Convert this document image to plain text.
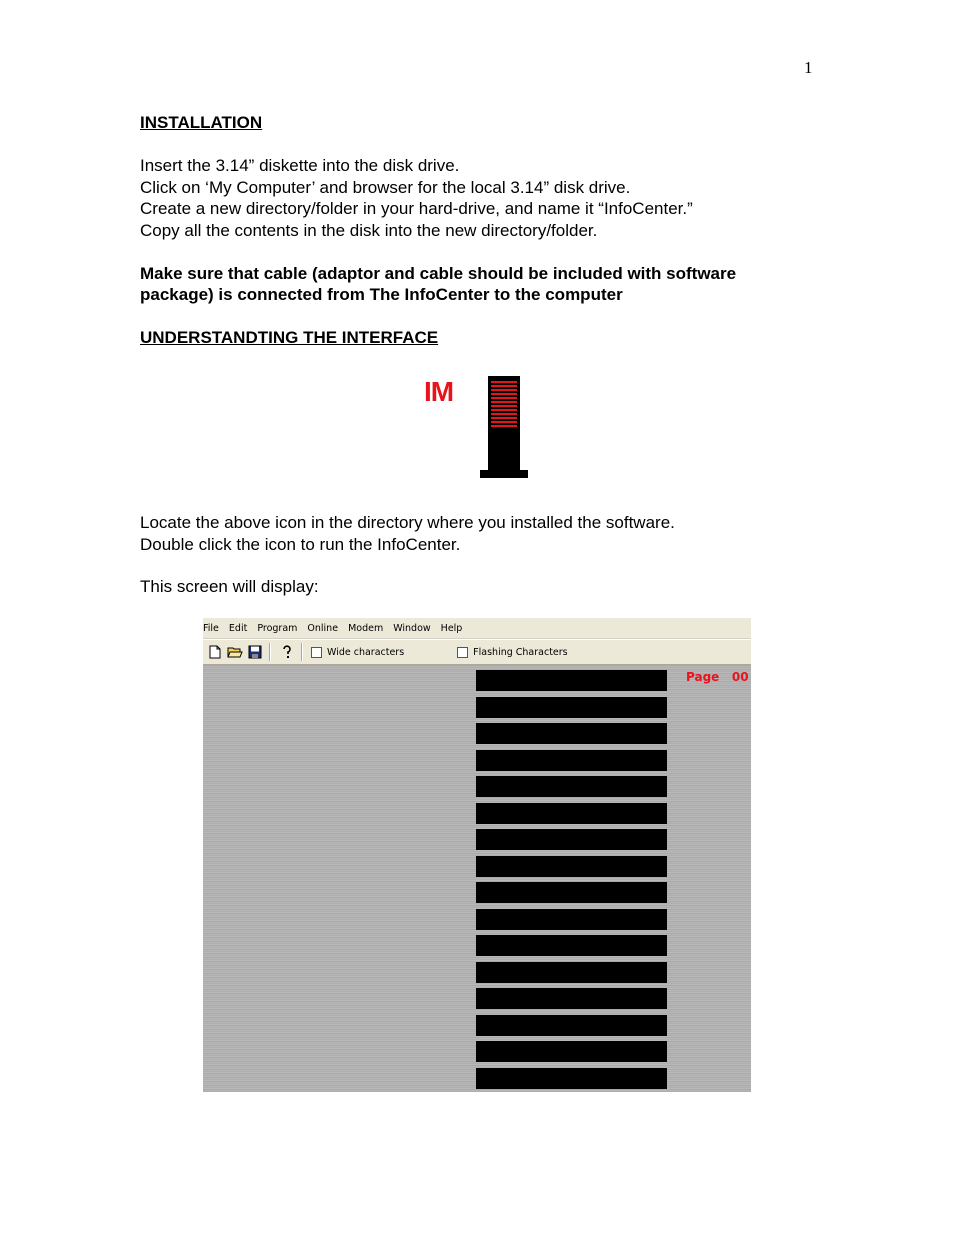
1
INSTALLATION
Insert the 3.14” diskette into the disk drive.
Click on ‘My Computer’ and browser for the local 3.14” disk drive.
Create a new directory/folder in your hard-drive, and name it “InfoCenter.”
Copy all the contents in the disk into the new directory/folder.
Make sure that cable (adaptor and cable should be included with software
package) is connected from The InfoCenter to the computer
UNDERSTANDTING THE INTERFACE
IM
Locate the above icon in the directory where you installed the software.
Double click the icon to run the InfoCenter.
This screen will display:
File	Edit	Program	Online	Modem	Window	Help
Wide characters	Flashing Characters
Page 00
